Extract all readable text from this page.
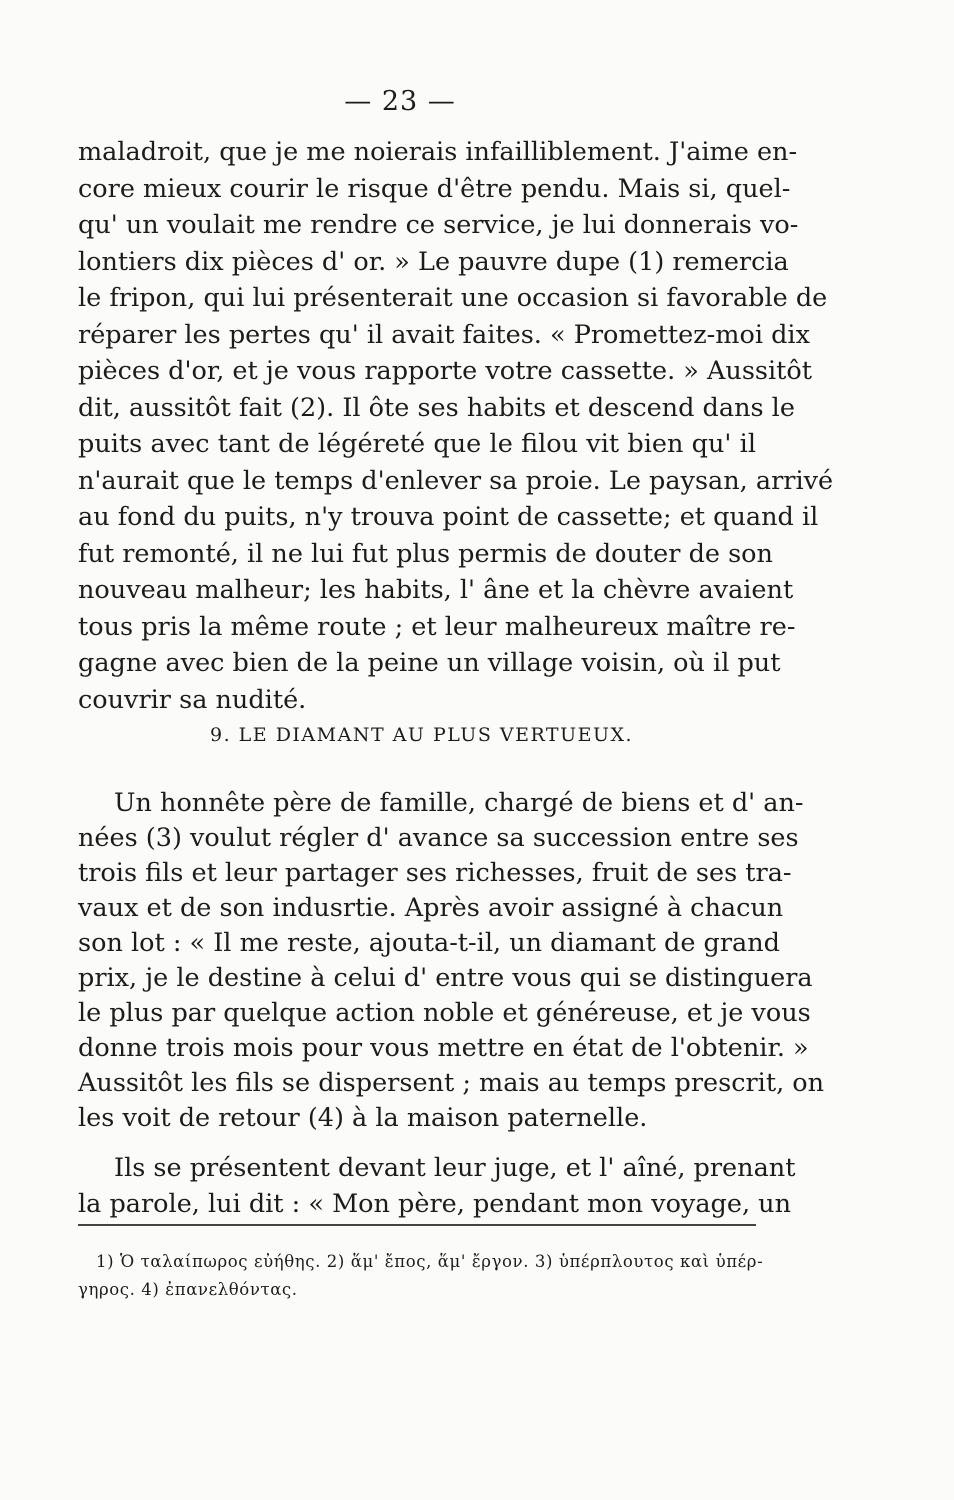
— 23 —
maladroit, que je me noierais infailliblement. J'aime en-
core mieux courir le risque d'être pendu. Mais si, quel-
qu' un voulait me rendre ce service, je lui donnerais vo-
lontiers dix pièces d' or. » Le pauvre dupe (1) remercia
le fripon, qui lui présenterait une occasion si favorable de
réparer les pertes qu' il avait faites. « Promettez-moi dix
pièces d'or, et je vous rapporte votre cassette. » Aussitôt
dit, aussitôt fait (2). Il ôte ses habits et descend dans le
puits avec tant de légéreté que le filou vit bien qu' il
n'aurait que le temps d'enlever sa proie. Le paysan, arrivé
au fond du puits, n'y trouva point de cassette; et quand il
fut remonté, il ne lui fut plus permis de douter de son
nouveau malheur; les habits, l' âne et la chèvre avaient
tous pris la même route ; et leur malheureux maître re-
gagne avec bien de la peine un village voisin, où il put
couvrir sa nudité.
9. LE DIAMANT AU PLUS VERTUEUX.
Un honnête père de famille, chargé de biens et d' an-
nées (3) voulut régler d' avance sa succession entre ses
trois fils et leur partager ses richesses, fruit de ses tra-
vaux et de son indusrtie. Après avoir assigné à chacun
son lot : « Il me reste, ajouta-t-il, un diamant de grand
prix, je le destine à celui d' entre vous qui se distinguera
le plus par quelque action noble et généreuse, et je vous
donne trois mois pour vous mettre en état de l'obtenir. »
Aussitôt les fils se dispersent ; mais au temps prescrit, on
les voit de retour (4) à la maison paternelle.
Ils se présentent devant leur juge, et l' aîné, prenant
la parole, lui dit : « Mon père, pendant mon voyage, un
1) Ὁ ταλαίπωρος εὐήθης. 2) ἅμ' ἔπος, ἅμ' ἔργον. 3) ὑπέρπλουτος καὶ ὑπέρ-
γηρος. 4) ἐπανελθόντας.
